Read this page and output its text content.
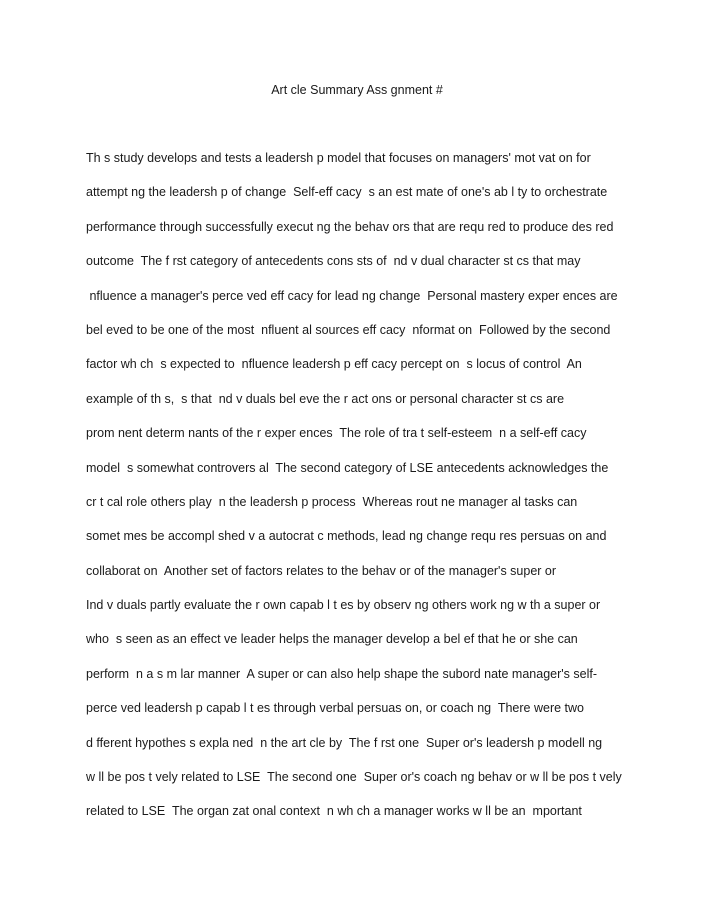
Art cle Summary Ass gnment #
Th s study develops and tests a leadersh p model that focuses on managers' mot vat on for
attempt ng the leadersh p of change  Self-eff cacy  s an est mate of one's ab l ty to orchestrate
performance through successfully execut ng the behav ors that are requ red to produce des red
outcome  The f rst category of antecedents cons sts of  nd v dual character st cs that may
nfluence a manager's perce ved eff cacy for lead ng change  Personal mastery exper ences are
bel eved to be one of the most  nfluent al sources eff cacy  nformat on  Followed by the second
factor wh ch  s expected to  nfluence leadersh p eff cacy percept on  s locus of control  An
example of th s,  s that  nd v duals bel eve the r act ons or personal character st cs are
prom nent determ nants of the r exper ences  The role of tra t self-esteem  n a self-eff cacy
model  s somewhat controvers al  The second category of LSE antecedents acknowledges the
cr t cal role others play  n the leadersh p process  Whereas rout ne manager al tasks can
somet mes be accompl shed v a autocrat c methods, lead ng change requ res persuas on and
collaborat on  Another set of factors relates to the behav or of the manager's super or
Ind v duals partly evaluate the r own capab l t es by observ ng others work ng w th a super or
who  s seen as an effect ve leader helps the manager develop a bel ef that he or she can
perform  n a s m lar manner  A super or can also help shape the subord nate manager's self-
perce ved leadersh p capab l t es through verbal persuas on, or coach ng  There were two
d fferent hypothes s expla ned  n the art cle by  The f rst one  Super or's leadersh p modell ng
w ll be pos t vely related to LSE  The second one  Super or's coach ng behav or w ll be pos t vely
related to LSE  The organ zat onal context  n wh ch a manager works w ll be an  mportant
